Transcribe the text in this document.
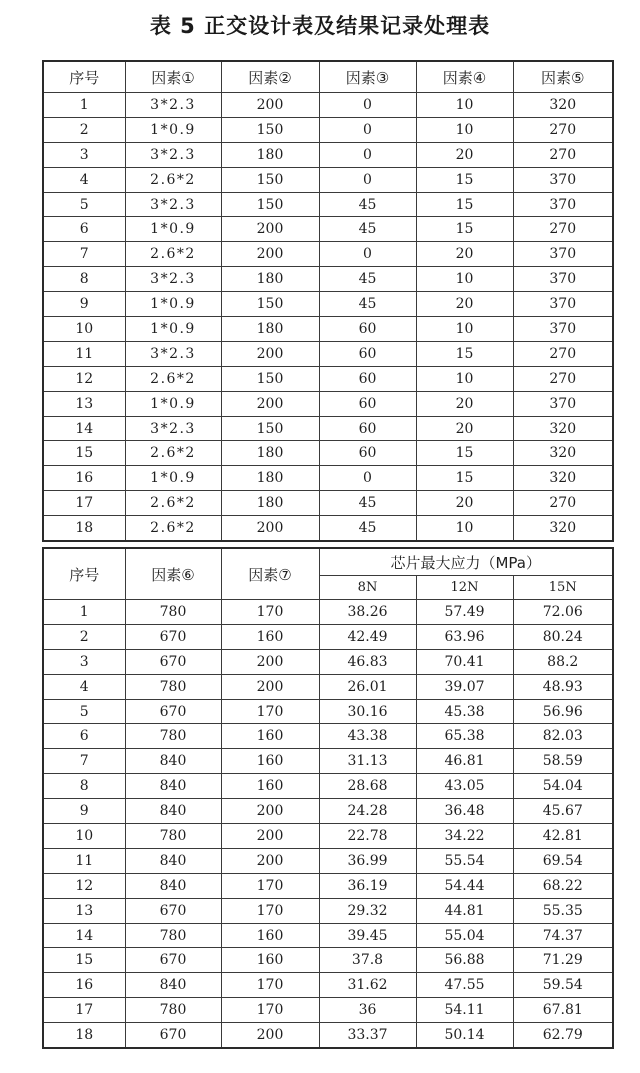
表 5 正交设计表及结果记录处理表
序号	因素①	因素②	因素③	因素④	因素⑤
1	3*2.3	200	0	10	320
2	1*0.9	150	0	10	270
3	3*2.3	180	0	20	270
4	2.6*2	150	0	15	370
5	3*2.3	150	45	15	370
6	1*0.9	200	45	15	270
7	2.6*2	200	0	20	370
8	3*2.3	180	45	10	370
9	1*0.9	150	45	20	370
10	1*0.9	180	60	10	370
11	3*2.3	200	60	15	270
12	2.6*2	150	60	10	270
13	1*0.9	200	60	20	370
14	3*2.3	150	60	20	320
15	2.6*2	180	60	15	320
16	1*0.9	180	0	15	320
17	2.6*2	180	45	20	270
18	2.6*2	200	45	10	320
序号	因素⑥	因素⑦	芯片最大应力（MPa）		
			8N	12N	15N
1	780	170	38.26	57.49	72.06
2	670	160	42.49	63.96	80.24
3	670	200	46.83	70.41	88.2
4	780	200	26.01	39.07	48.93
5	670	170	30.16	45.38	56.96
6	780	160	43.38	65.38	82.03
7	840	160	31.13	46.81	58.59
8	840	160	28.68	43.05	54.04
9	840	200	24.28	36.48	45.67
10	780	200	22.78	34.22	42.81
11	840	200	36.99	55.54	69.54
12	840	170	36.19	54.44	68.22
13	670	170	29.32	44.81	55.35
14	780	160	39.45	55.04	74.37
15	670	160	37.8	56.88	71.29
16	840	170	31.62	47.55	59.54
17	780	170	36	54.11	67.81
18	670	200	33.37	50.14	62.79
